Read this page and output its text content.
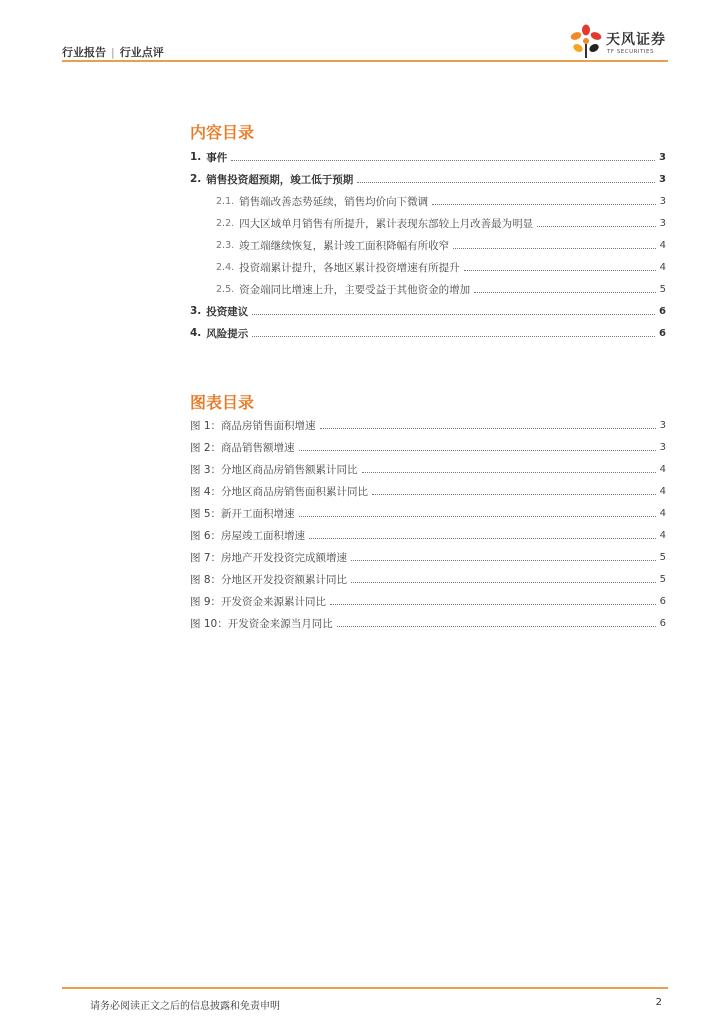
行业报告 | 行业点评
天风证券
TF SECURITIES
内容目录
1. 事件	3
2. 销售投资超预期，竣工低于预期	3
2.1. 销售端改善态势延续，销售均价向下微调	3
2.2. 四大区域单月销售有所提升，累计表现东部较上月改善最为明显	3
2.3. 竣工端继续恢复，累计竣工面积降幅有所收窄	4
2.4. 投资端累计提升，各地区累计投资增速有所提升	4
2.5. 资金端同比增速上升，主要受益于其他资金的增加	5
3. 投资建议	6
4. 风险提示	6
图表目录
图 1：商品房销售面积增速	3
图 2：商品销售额增速	3
图 3：分地区商品房销售额累计同比	4
图 4：分地区商品房销售面积累计同比	4
图 5：新开工面积增速	4
图 6：房屋竣工面积增速	4
图 7：房地产开发投资完成额增速	5
图 8：分地区开发投资额累计同比	5
图 9：开发资金来源累计同比	6
图 10：开发资金来源当月同比	6
请务必阅读正文之后的信息披露和免责申明	2
